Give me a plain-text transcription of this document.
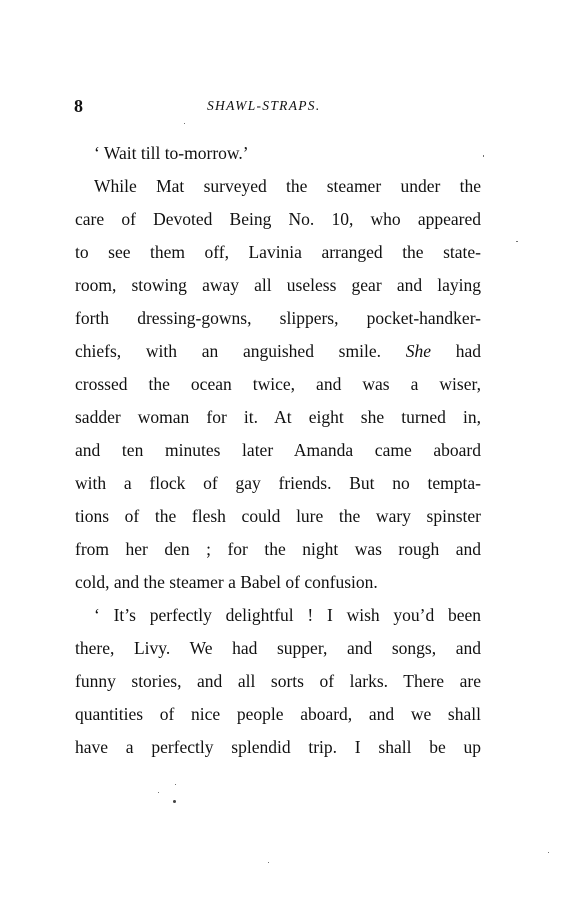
8	SHAWL-STRAPS.
‘ Wait till to-morrow.’
While Mat surveyed the steamer under the
care of Devoted Being No. 10, who appeared
to see them off, Lavinia arranged the state-
room, stowing away all useless gear and laying
forth dressing-gowns, slippers, pocket-handker-
chiefs, with an anguished smile. She had
crossed the ocean twice, and was a wiser,
sadder woman for it. At eight she turned in,
and ten minutes later Amanda came aboard
with a flock of gay friends. But no tempta-
tions of the flesh could lure the wary spinster
from her den ; for the night was rough and
cold, and the steamer a Babel of confusion.
‘ It’s perfectly delightful ! I wish you’d been
there, Livy. We had supper, and songs, and
funny stories, and all sorts of larks. There are
quantities of nice people aboard, and we shall
have a perfectly splendid trip. I shall be up
